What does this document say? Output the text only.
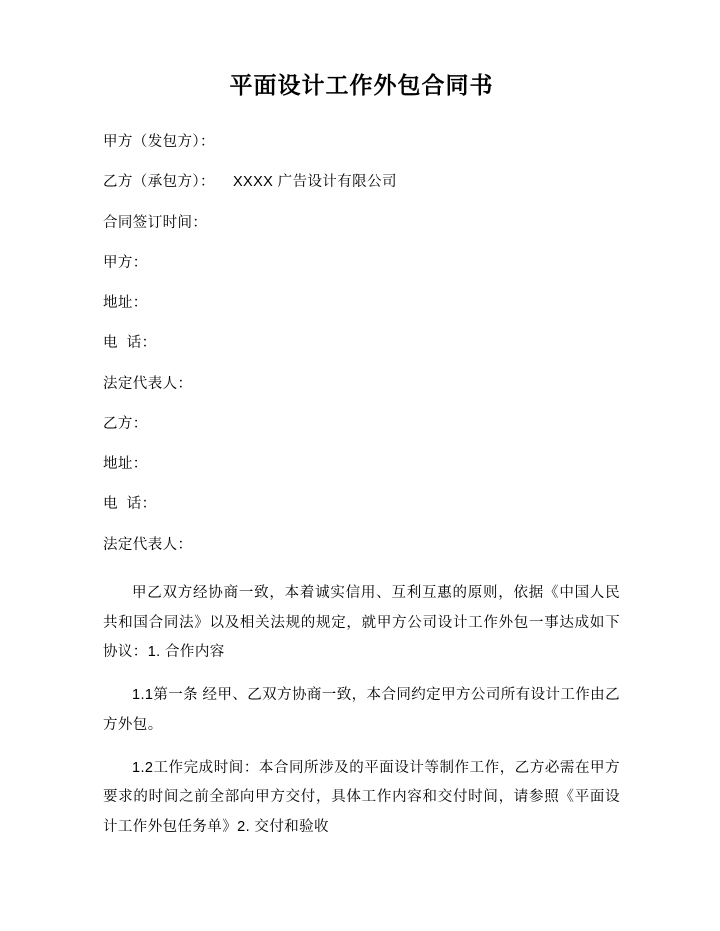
平面设计工作外包合同书

甲方（发包方）：

乙方（承包方）： XXXX 广告设计有限公司

合同签订时间：

甲方：

地址：

电  话：

法定代表人：

乙方：

地址：

电  话：

法定代表人：

甲乙双方经协商一致，本着诚实信用、互利互惠的原则，依据《中国人民共和国合同法》以及相关法规的规定，就甲方公司设计工作外包一事达成如下协议：1. 合作内容

1.1第一条 经甲、乙双方协商一致，本合同约定甲方公司所有设计工作由乙方外包。

1.2工作完成时间：本合同所涉及的平面设计等制作工作，乙方必需在甲方要求的时间之前全部向甲方交付，具体工作内容和交付时间，请参照《平面设计工作外包任务单》2. 交付和验收
